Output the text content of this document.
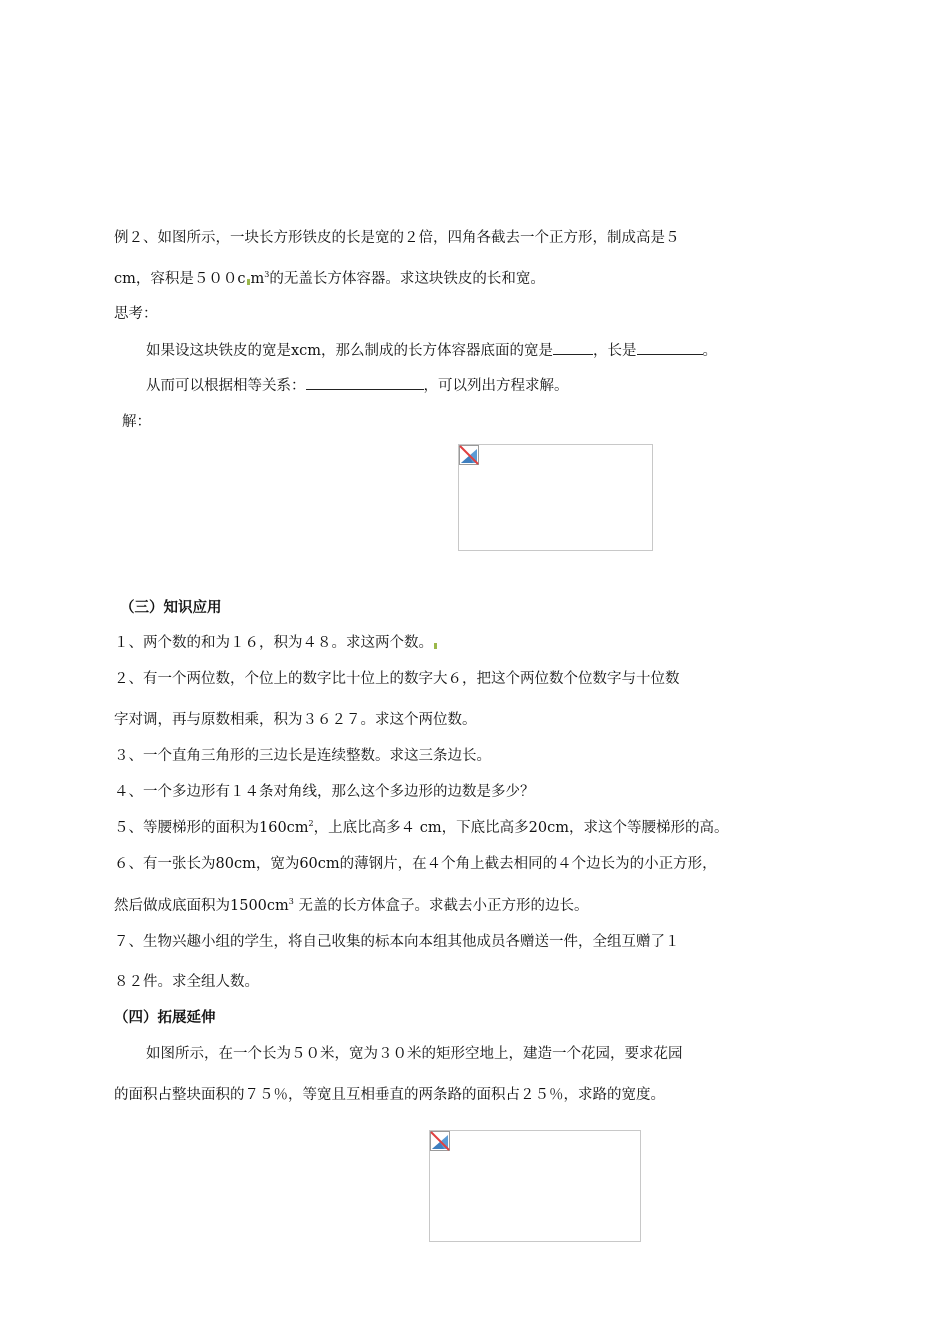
例２、如图所示，一块长方形铁皮的长是宽的２倍，四角各截去一个正方形，制成高是５
cm，容积是５００c $m^3$的无盖长方体容器。求这块铁皮的长和宽。
思考：
如果设这块铁皮的宽是xcm，那么制成的长方体容器底面的宽是	，长是	。
从而可以根据相等关系：	，可以列出方程求解。
解：
（三）知识应用
１、两个数的和为１６，积为４８。求这两个数。
２、有一个两位数，个位上的数字比十位上的数字大６，把这个两位数个位数字与十位数
字对调，再与原数相乘，积为３６２７。求这个两位数。
３、一个直角三角形的三边长是连续整数。求这三条边长。
４、一个多边形有１４条对角线，那么这个多边形的边数是多少？
５、等腰梯形的面积为$160cm^2$，上底比高多４ cm，下底比高多20cm，求这个等腰梯形的高。
６、有一张长为80cm，宽为60cm的薄钢片，在４个角上截去相同的４个边长为的小正方形，
然后做成底面积为$1500cm^3$ 无盖的长方体盒子。求截去小正方形的边长。
７、生物兴趣小组的学生，将自己收集的标本向本组其他成员各赠送一件，全组互赠了１
８２件。求全组人数。
（四）拓展延伸
如图所示，在一个长为５０米，宽为３０米的矩形空地上，建造一个花园，要求花园
的面积占整块面积的７５％，等宽且互相垂直的两条路的面积占２５％，求路的宽度。
